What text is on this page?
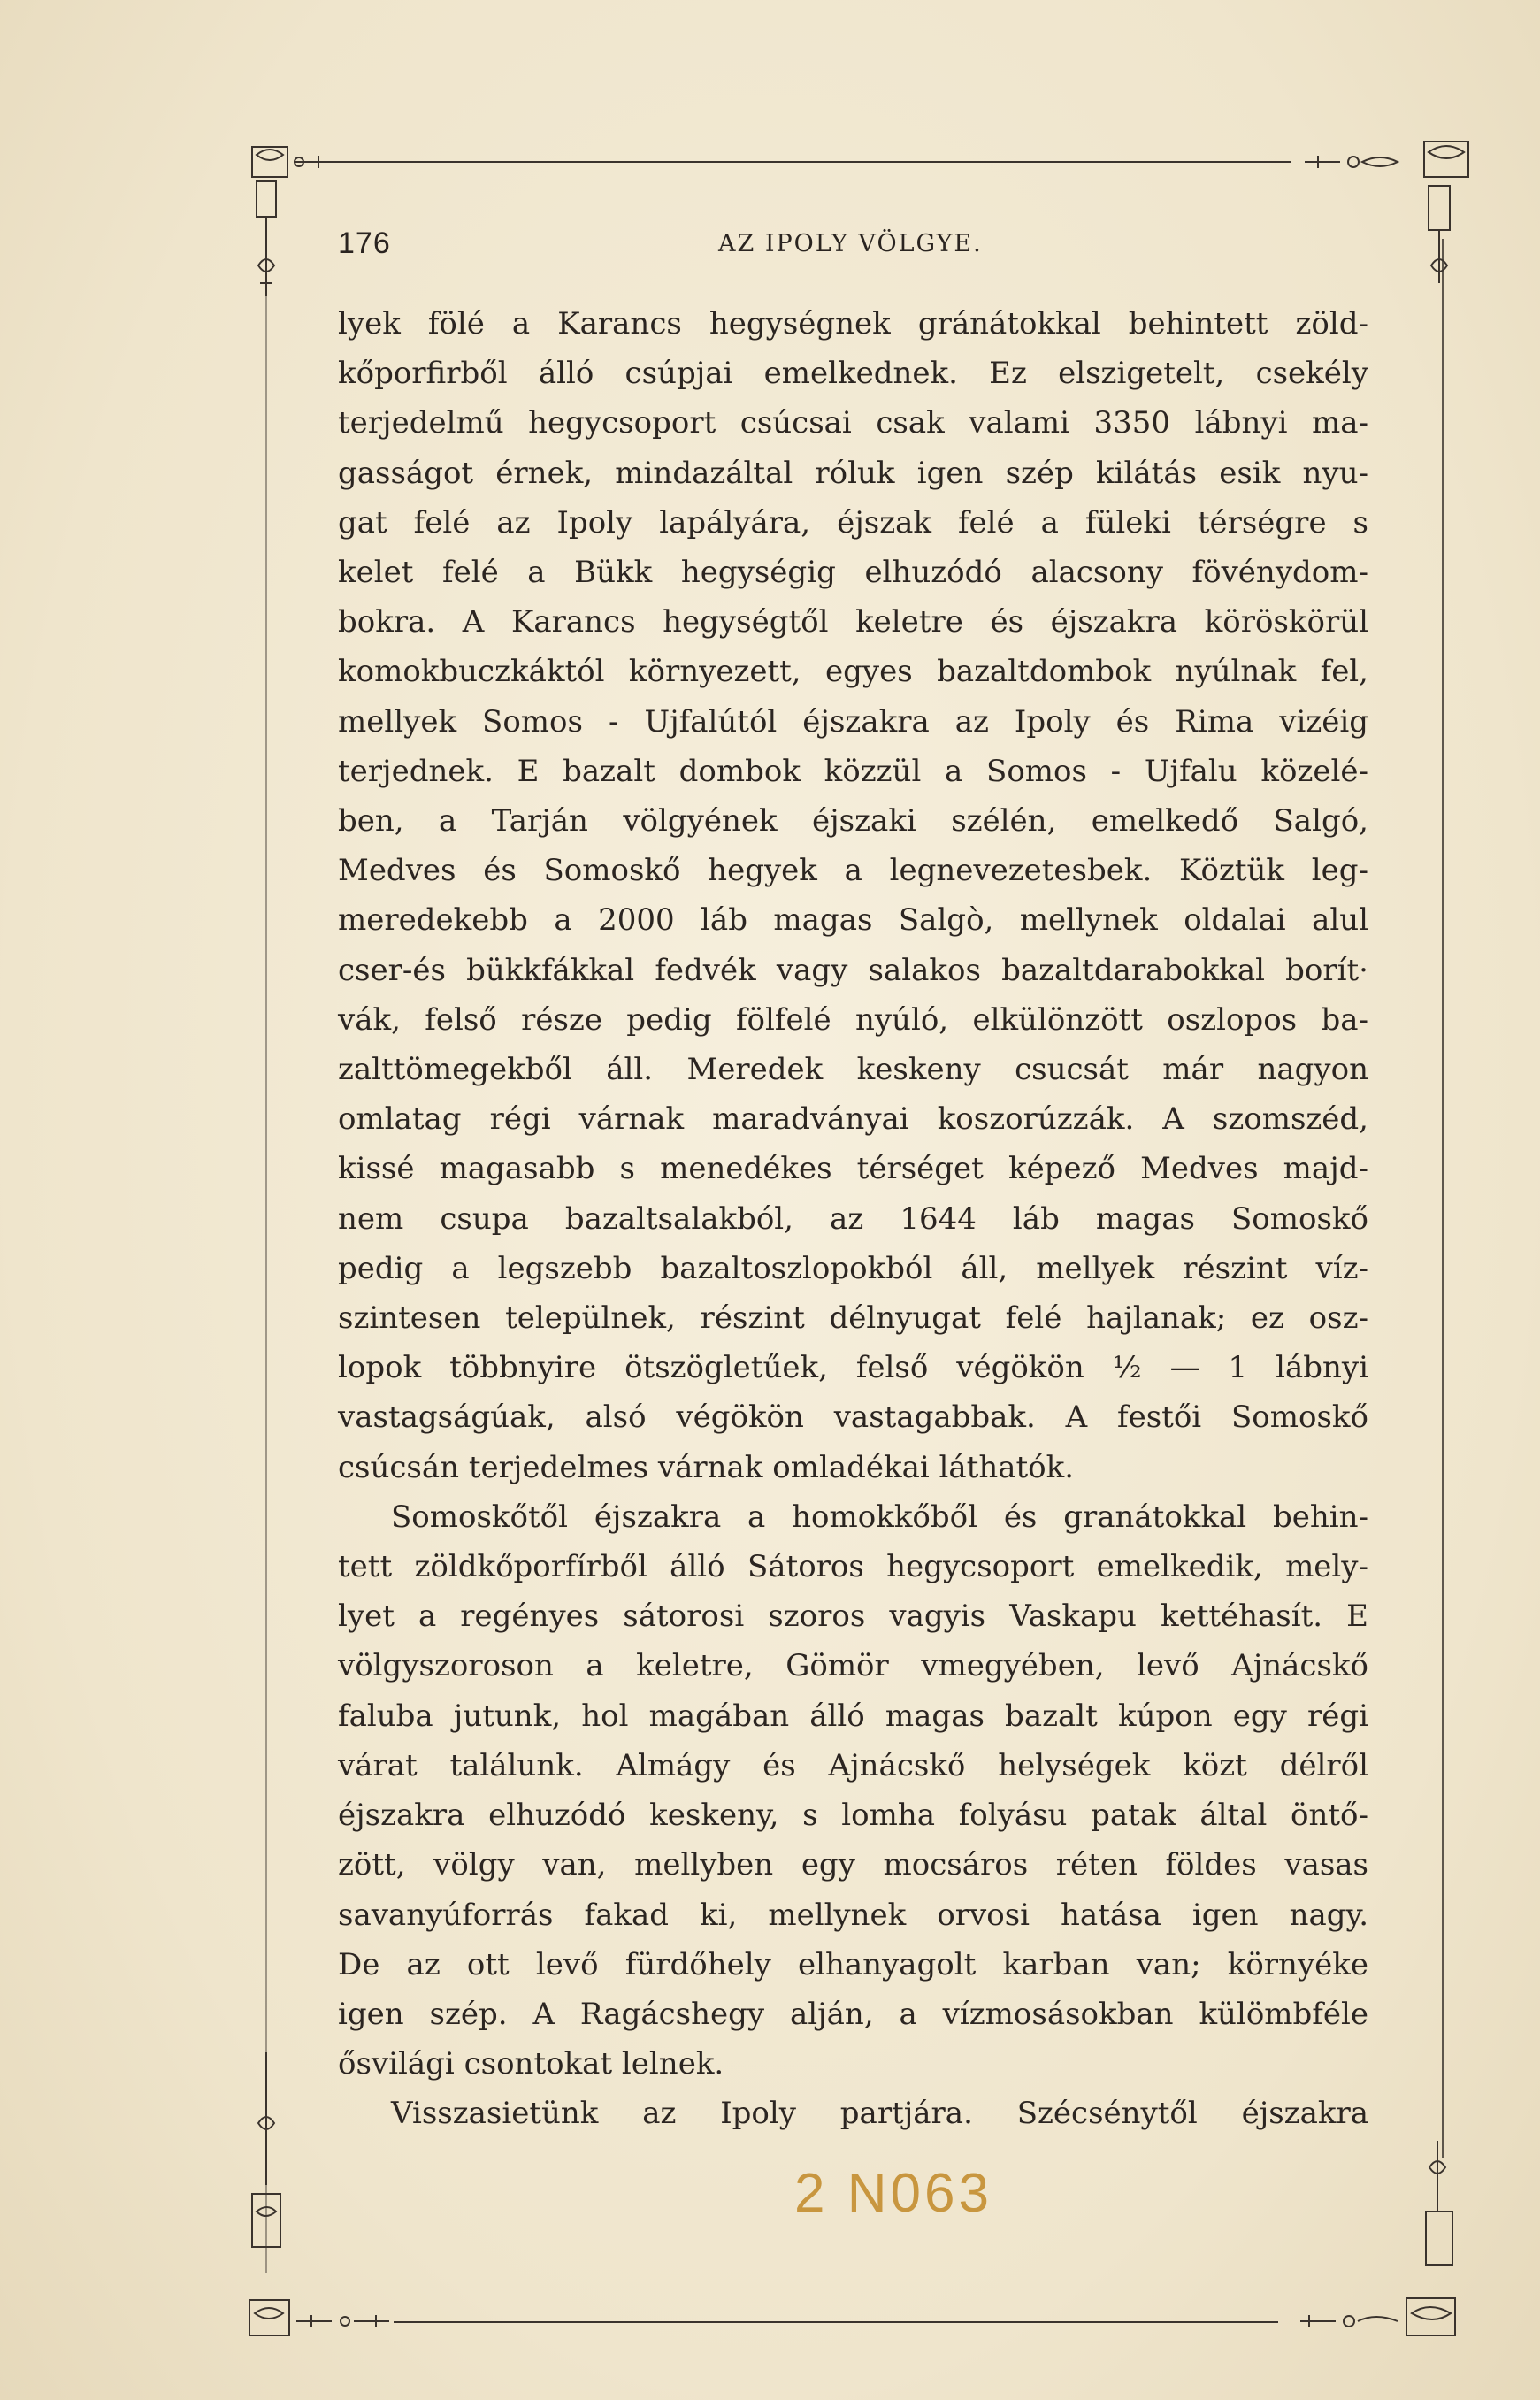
176	AZ IPOLY VÖLGYE.

lyek fölé a Karancs hegységnek gránátokkal behintett zöld-

kőporfirből álló csúpjai emelkednek. Ez elszigetelt, csekély

terjedelmű hegycsoport csúcsai csak valami 3350 lábnyi ma-

gasságot érnek, mindazáltal róluk igen szép kilátás esik nyu-

gat felé az Ipoly lapályára, éjszak felé a füleki térségre s

kelet felé a Bükk hegységig elhuzódó alacsony fövénydom-

bokra. A Karancs hegységtől keletre és éjszakra köröskörül

komokbuczkáktól környezett, egyes bazaltdombok nyúlnak fel,

mellyek Somos - Ujfalútól éjszakra az Ipoly és Rima vizéig

terjednek. E bazalt dombok közzül a Somos - Ujfalu közelé-

ben, a Tarján völgyének éjszaki szélén, emelkedő Salgó,

Medves és Somoskő hegyek a legnevezetesbek. Köztük leg-

meredekebb a 2000 láb magas Salgò, mellynek oldalai alul

cser-és bükkfákkal fedvék vagy salakos bazaltdarabokkal borít·

vák, felső része pedig fölfelé nyúló, elkülönzött oszlopos ba-

zalttömegekből áll. Meredek keskeny csucsát már nagyon

omlatag régi várnak maradványai koszorúzzák. A szomszéd,

kissé magasabb s menedékes térséget képező Medves majd-

nem csupa bazaltsalakból, az 1644 láb magas Somoskő

pedig a legszebb bazaltoszlopokból áll, mellyek részint víz-

szintesen települnek, részint délnyugat felé hajlanak; ez osz-

lopok többnyire ötszögletűek, felső végökön ½ — 1 lábnyi

vastagságúak, alsó végökön vastagabbak. A festői Somoskő

csúcsán terjedelmes várnak omladékai láthatók.

Somoskőtől éjszakra a homokkőből és granátokkal behin-

tett zöldkőporfírből álló Sátoros hegycsoport emelkedik, mely-

lyet a regényes sátorosi szoros vagyis Vaskapu kettéhasít. E

völgyszoroson a keletre, Gömör vmegyében, levő Ajnácskő

faluba jutunk, hol magában álló magas bazalt kúpon egy régi

várat találunk. Almágy és Ajnácskő helységek közt délről

éjszakra elhuzódó keskeny, s lomha folyásu patak által öntő-

zött, völgy van, mellyben egy mocsáros réten földes vasas

savanyúforrás fakad ki, mellynek orvosi hatása igen nagy.

De az ott levő fürdőhely elhanyagolt karban van; környéke

igen szép. A Ragácshegy alján, a vízmosásokban külömbféle

ősvilági csontokat lelnek.

Visszasietünk az Ipoly partjára. Szécsénytől éjszakra

2 N063
